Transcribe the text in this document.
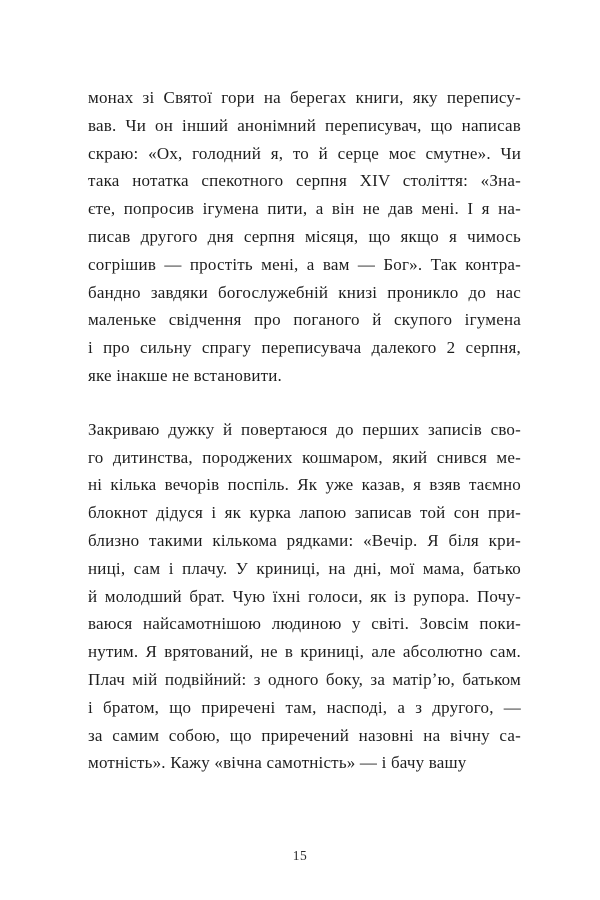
монах зі Святої гори на берегах книги, яку перепису-
вав. Чи он інший анонімний переписувач, що написав
скраю: «Ох, голодний я, то й серце моє смутне». Чи
така нотатка спекотного серпня XIV століття: «Зна-
єте, попросив ігумена пити, а він не дав мені. І я на-
писав другого дня серпня місяця, що якщо я чимось
согрішив — простіть мені, а вам — Бог». Так контра-
бандно завдяки богослужебній книзі проникло до нас
маленьке свідчення про поганого й скупого ігумена
і про сильну спрагу переписувача далекого 2 серпня,
яке інакше не встановити.
Закриваю дужку й повертаюся до перших записів сво-
го дитинства, породжених кошмаром, який снився ме-
ні кілька вечорів поспіль. Як уже казав, я взяв таємно
блокнот дідуся і як курка лапою записав той сон при-
близно такими кількома рядками: «Вечір. Я біля кри-
ниці, сам і плачу. У криниці, на дні, мої мама, батько
й молодший брат. Чую їхні голоси, як із рупора. Почу-
ваюся найсамотнішою людиною у світі. Зовсім поки-
нутим. Я врятований, не в криниці, але абсолютно сам.
Плач мій подвійний: з одного боку, за матірʼю, батьком
і братом, що приречені там, насподі, а з другого, —
за самим собою, що приречений назовні на вічну са-
мотність». Кажу «вічна самотність» — і бачу вашу
15
